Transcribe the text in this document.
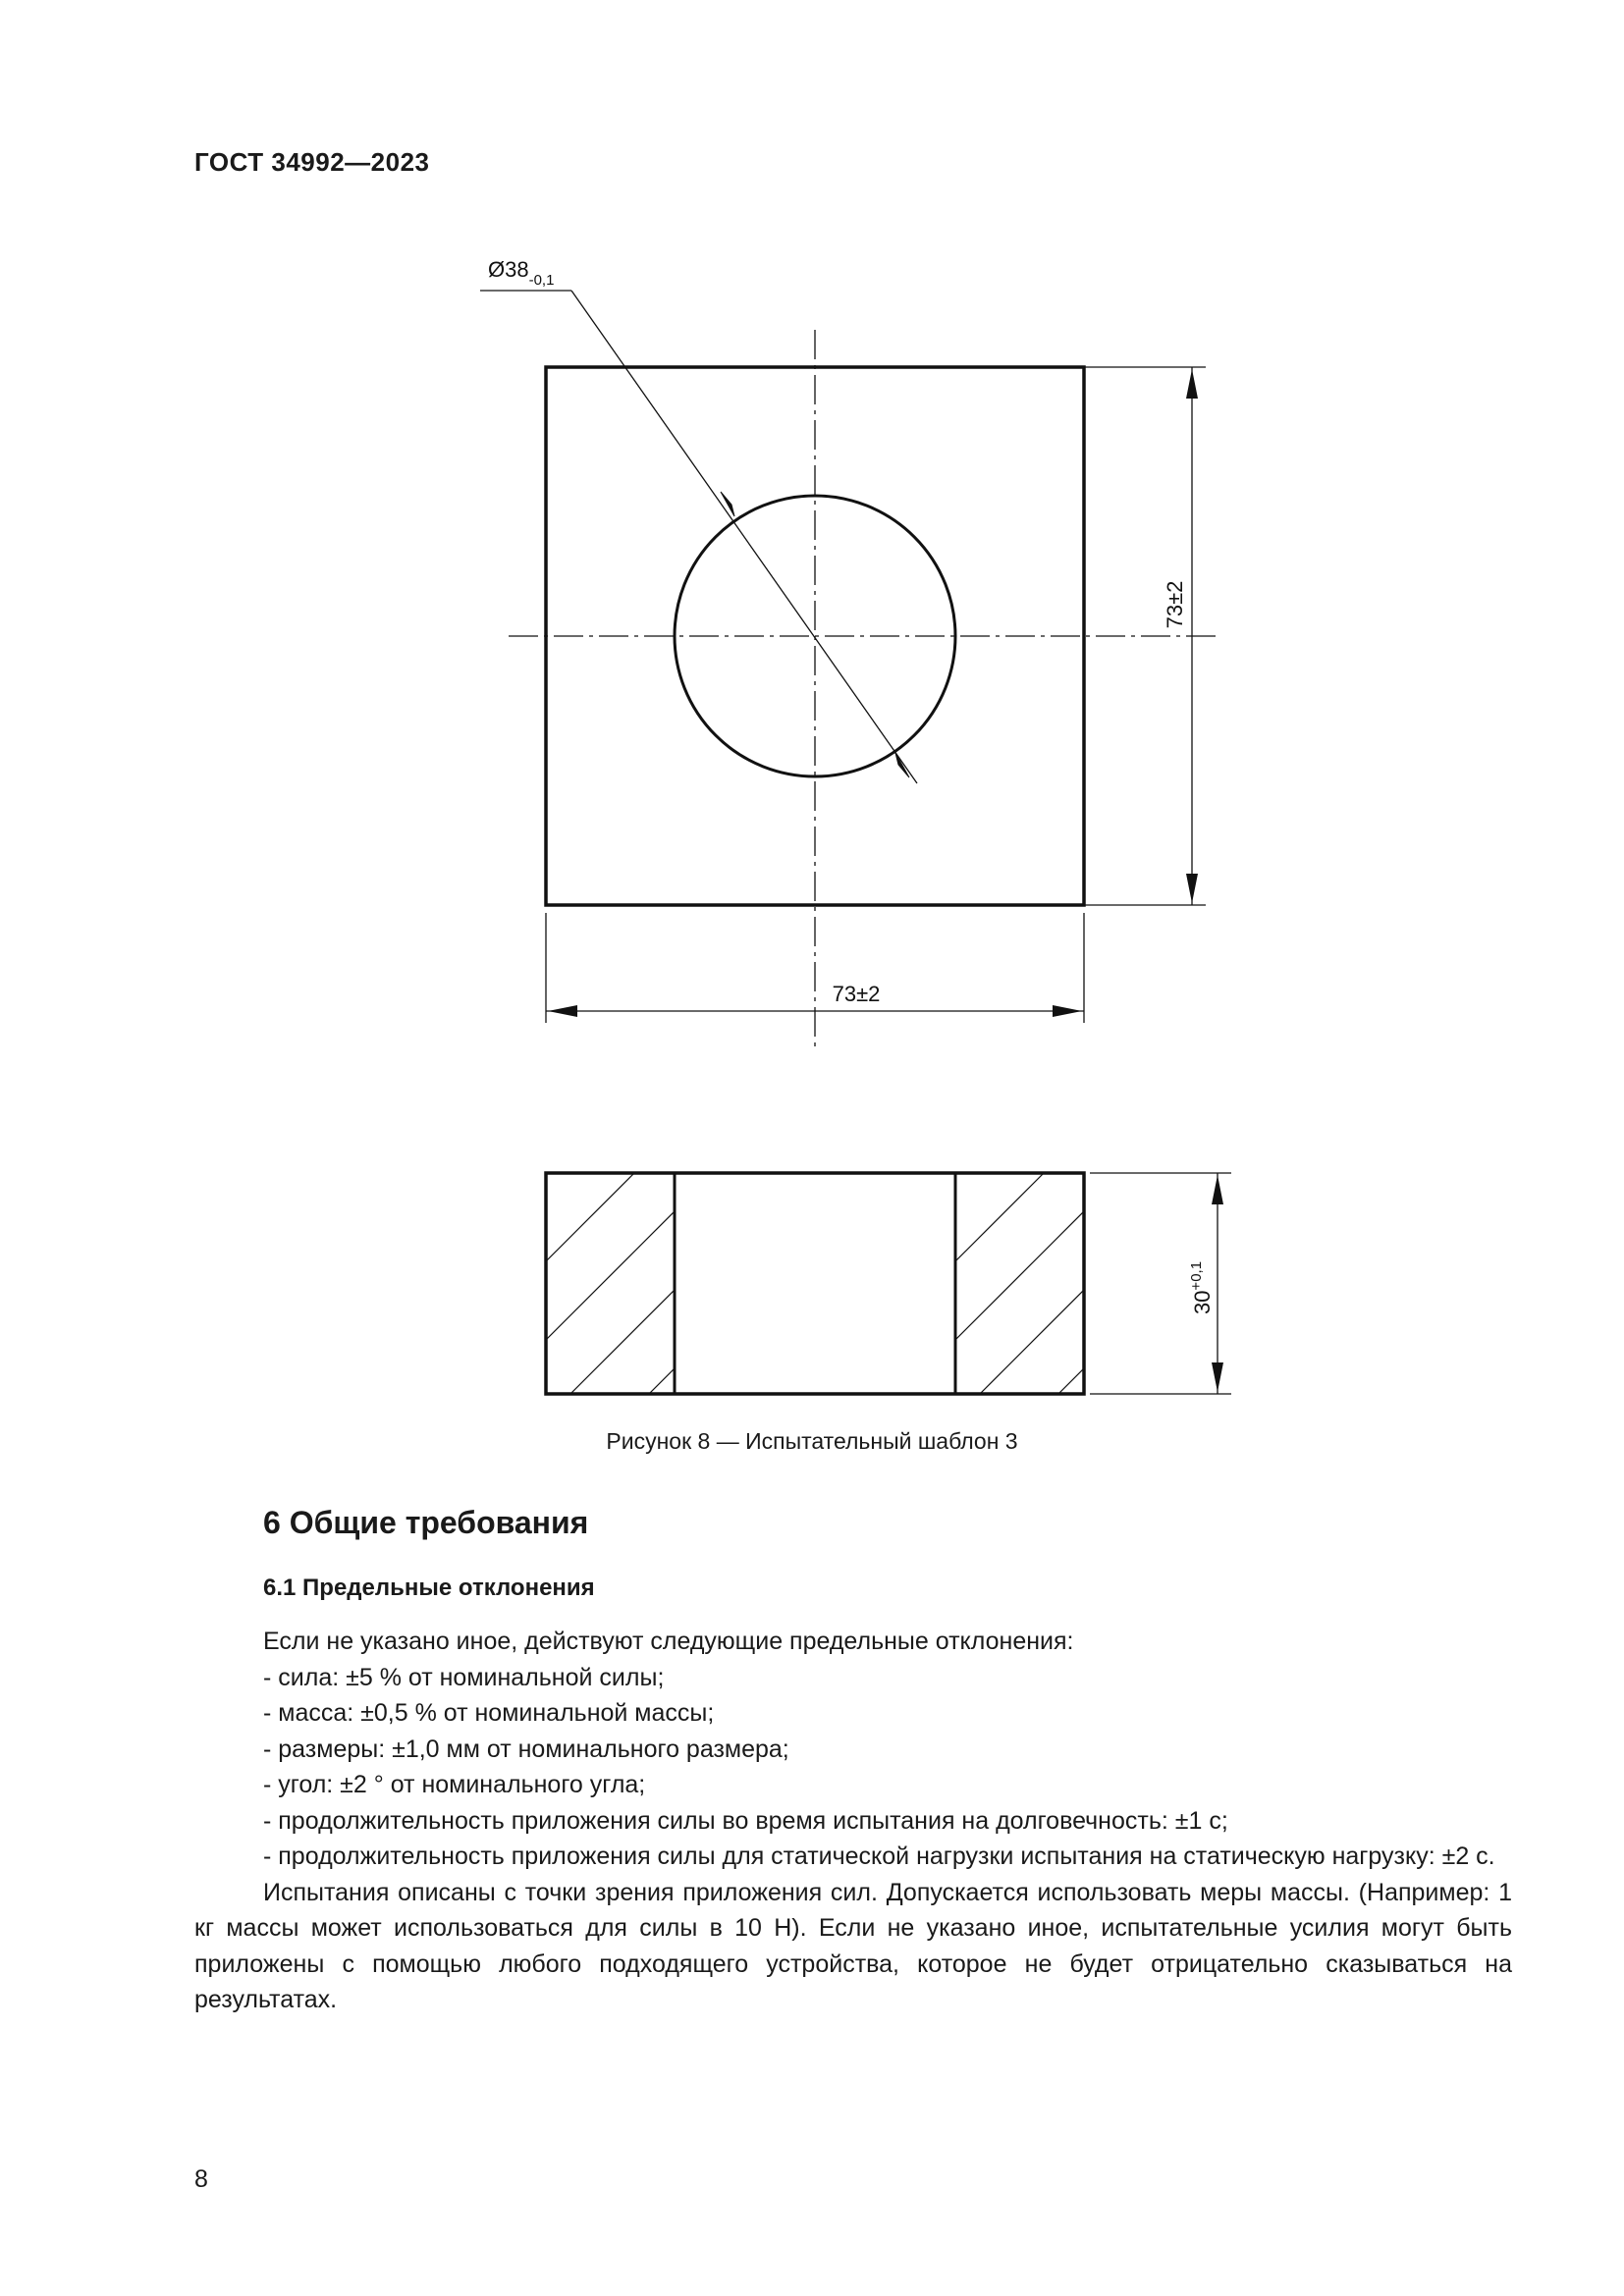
ГОСТ 34992—2023
$Ø38_{-0,1}$
73±2
73±2
$30^{+0,1}$
Рисунок 8 — Испытательный шаблон 3
6 Общие требования
6.1 Предельные отклонения

Если не указано иное, действуют следующие предельные отклонения:

- сила: ±5 % от номинальной силы;

- масса: ±0,5 % от номинальной массы;

- размеры: ±1,0 мм от номинального размера;

- угол: ±2 ° от номинального угла;

- продолжительность приложения силы во время испытания на долговечность: ±1 с;

- продолжительность приложения силы для статической нагрузки испытания на статическую нагрузку: ±2 с.

Испытания описаны с точки зрения приложения сил. Допускается использовать меры массы. (Например: 1 кг массы может использоваться для силы в 10 Н). Если не указано иное, испытательные усилия могут быть приложены с помощью любого подходящего устройства, которое не будет отрицательно сказываться на результатах.

8
